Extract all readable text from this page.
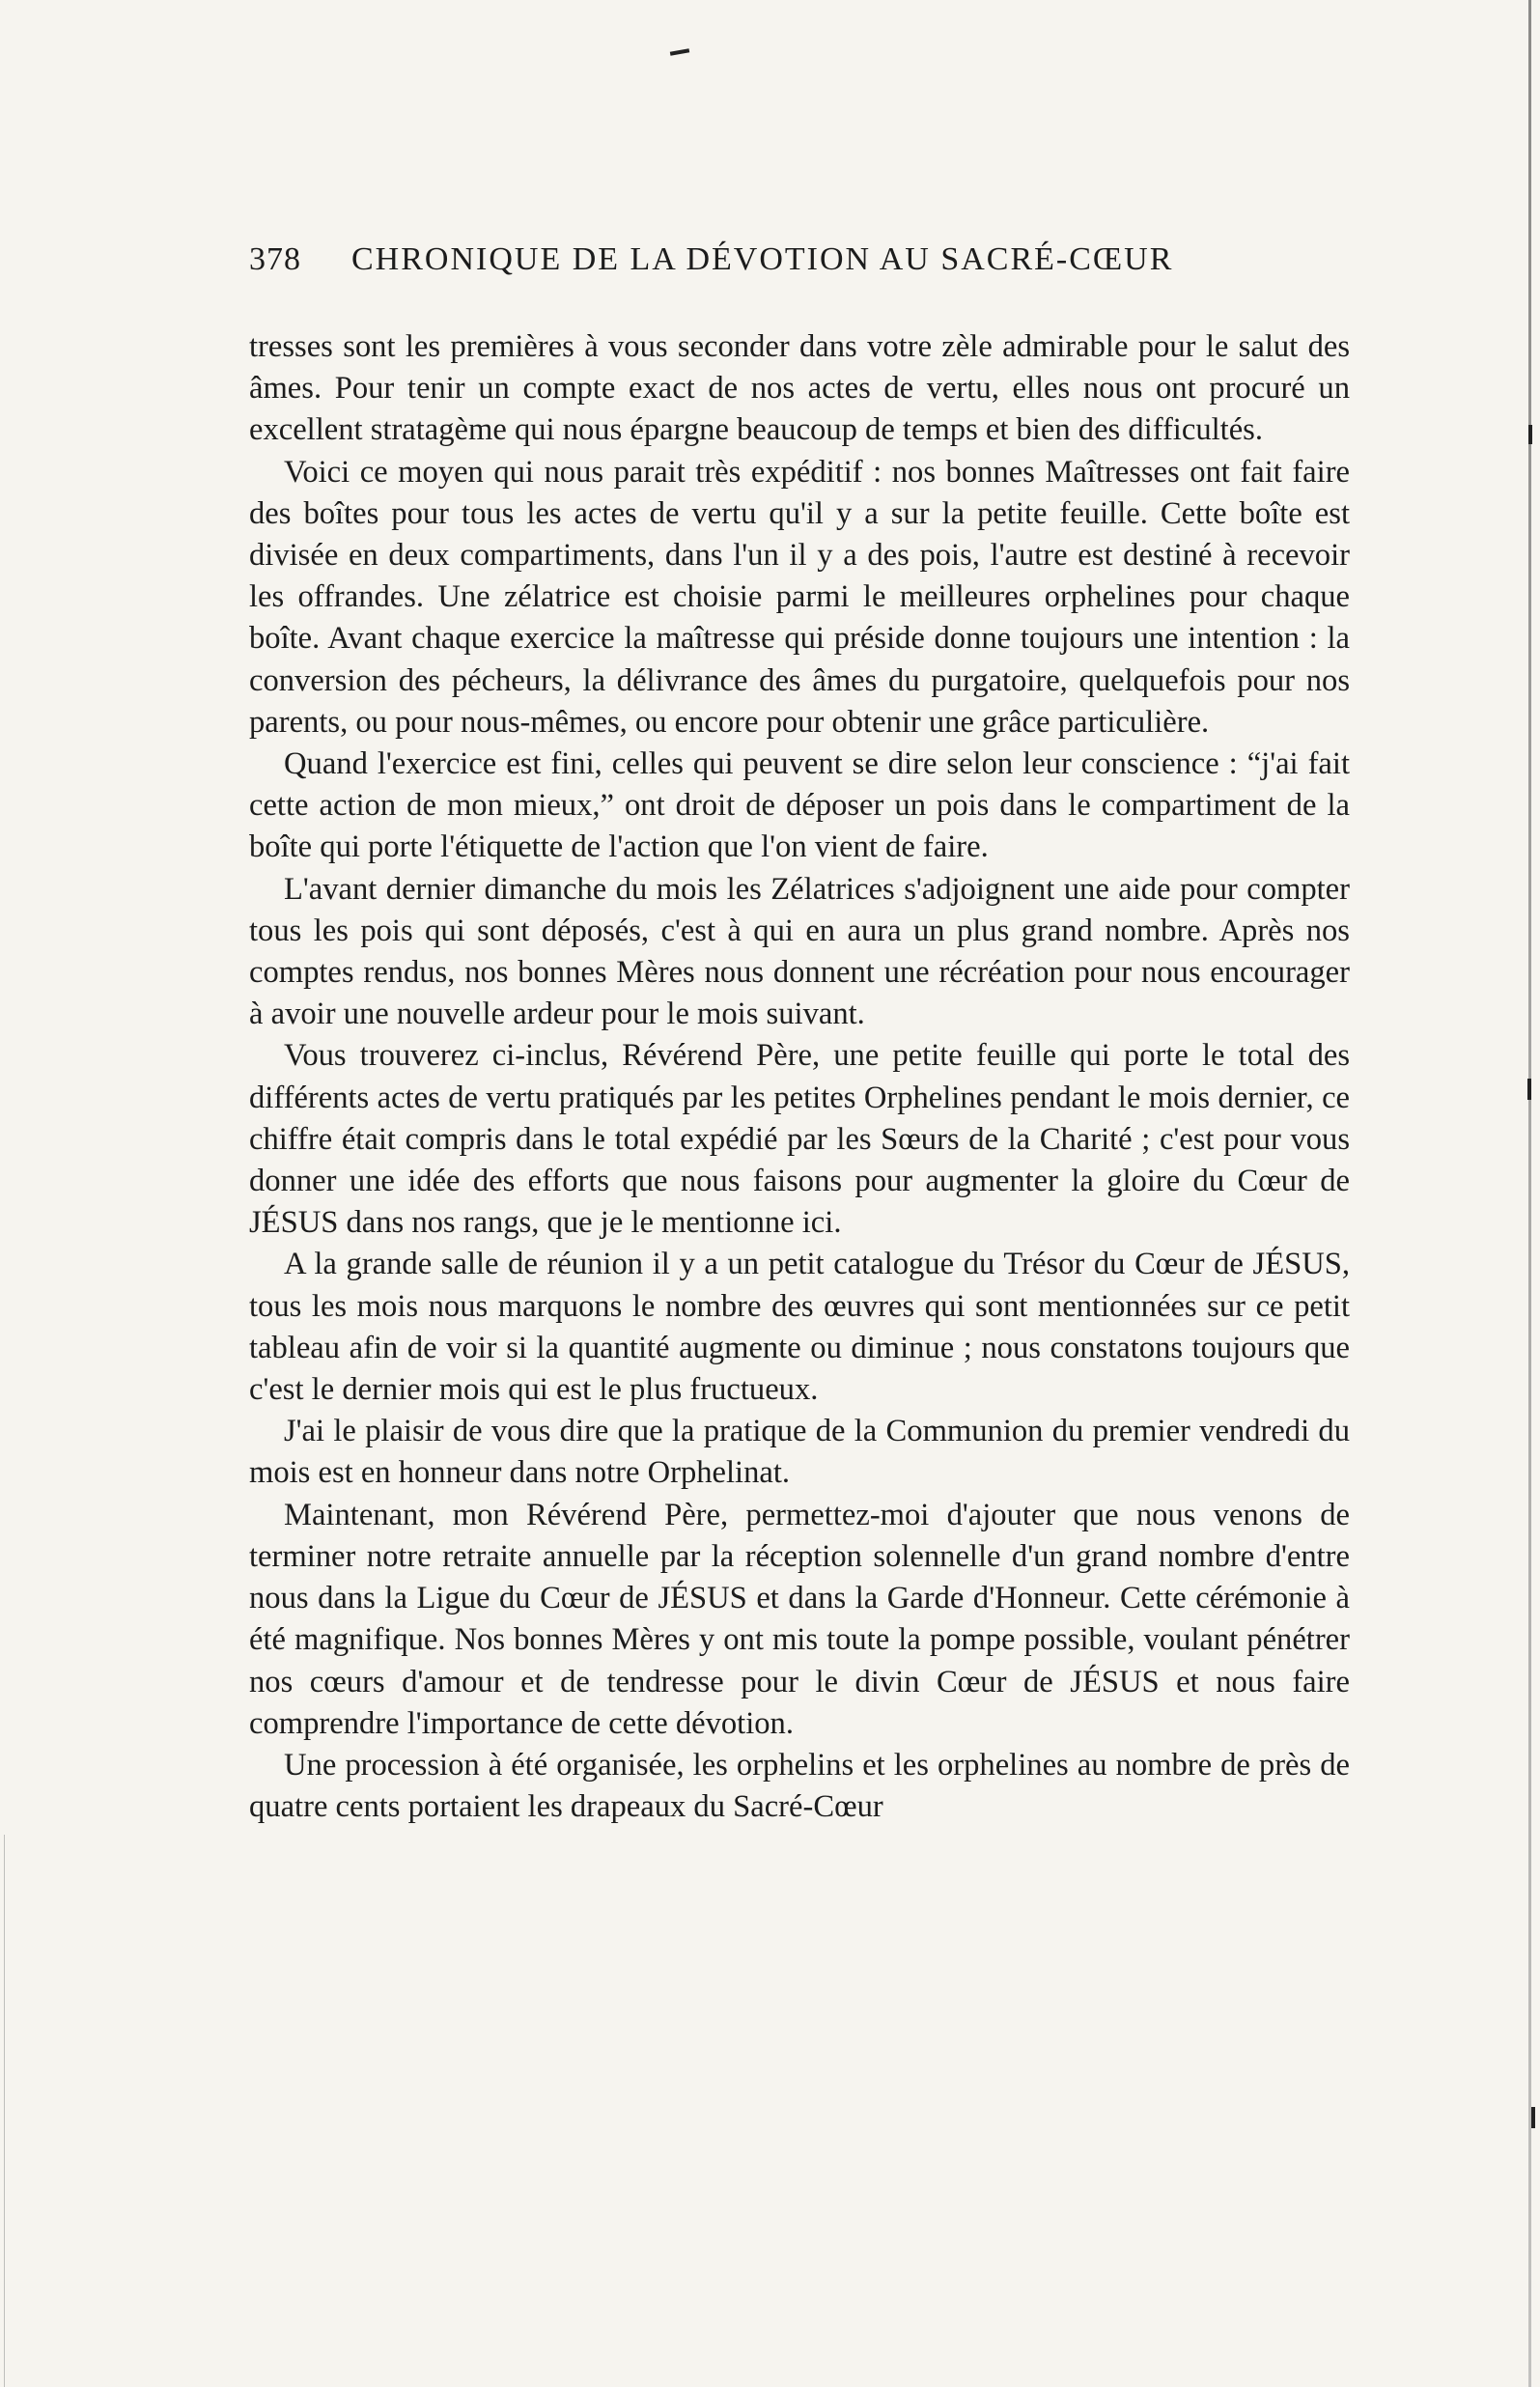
378 CHRONIQUE DE LA DÉVOTION AU SACRÉ-CŒUR

tresses sont les premières à vous seconder dans votre zèle admirable pour le salut des âmes. Pour tenir un compte exact de nos actes de vertu, elles nous ont procuré un excellent stratagème qui nous épargne beaucoup de temps et bien des difficultés.

Voici ce moyen qui nous parait très expéditif : nos bonnes Maîtresses ont fait faire des boîtes pour tous les actes de vertu qu'il y a sur la petite feuille. Cette boîte est divisée en deux compartiments, dans l'un il y a des pois, l'autre est destiné à recevoir les offrandes. Une zélatrice est choisie parmi le meilleures orphelines pour chaque boîte. Avant chaque exercice la maîtresse qui préside donne toujours une intention : la conversion des pécheurs, la délivrance des âmes du purgatoire, quelquefois pour nos parents, ou pour nous-mêmes, ou encore pour obtenir une grâce particulière.

Quand l'exercice est fini, celles qui peuvent se dire selon leur conscience : “j'ai fait cette action de mon mieux,” ont droit de déposer un pois dans le compartiment de la boîte qui porte l'étiquette de l'action que l'on vient de faire.

L'avant dernier dimanche du mois les Zélatrices s'adjoignent une aide pour compter tous les pois qui sont déposés, c'est à qui en aura un plus grand nombre. Après nos comptes rendus, nos bonnes Mères nous donnent une récréation pour nous encourager à avoir une nouvelle ardeur pour le mois suivant.

Vous trouverez ci-inclus, Révérend Père, une petite feuille qui porte le total des différents actes de vertu pratiqués par les petites Orphelines pendant le mois dernier, ce chiffre était compris dans le total expédié par les Sœurs de la Charité ; c'est pour vous donner une idée des efforts que nous faisons pour augmenter la gloire du Cœur de JÉSUS dans nos rangs, que je le mentionne ici.

A la grande salle de réunion il y a un petit catalogue du Trésor du Cœur de JÉSUS, tous les mois nous marquons le nombre des œuvres qui sont mentionnées sur ce petit tableau afin de voir si la quantité augmente ou diminue ; nous constatons toujours que c'est le dernier mois qui est le plus fructueux.

J'ai le plaisir de vous dire que la pratique de la Communion du premier vendredi du mois est en honneur dans notre Orphelinat.

Maintenant, mon Révérend Père, permettez-moi d'ajouter que nous venons de terminer notre retraite annuelle par la réception solennelle d'un grand nombre d'entre nous dans la Ligue du Cœur de JÉSUS et dans la Garde d'Honneur. Cette cérémonie à été magnifique. Nos bonnes Mères y ont mis toute la pompe possible, voulant pénétrer nos cœurs d'amour et de tendresse pour le divin Cœur de JÉSUS et nous faire comprendre l'importance de cette dévotion.

Une procession à été organisée, les orphelins et les orphelines au nombre de près de quatre cents portaient les drapeaux du Sacré-Cœur
